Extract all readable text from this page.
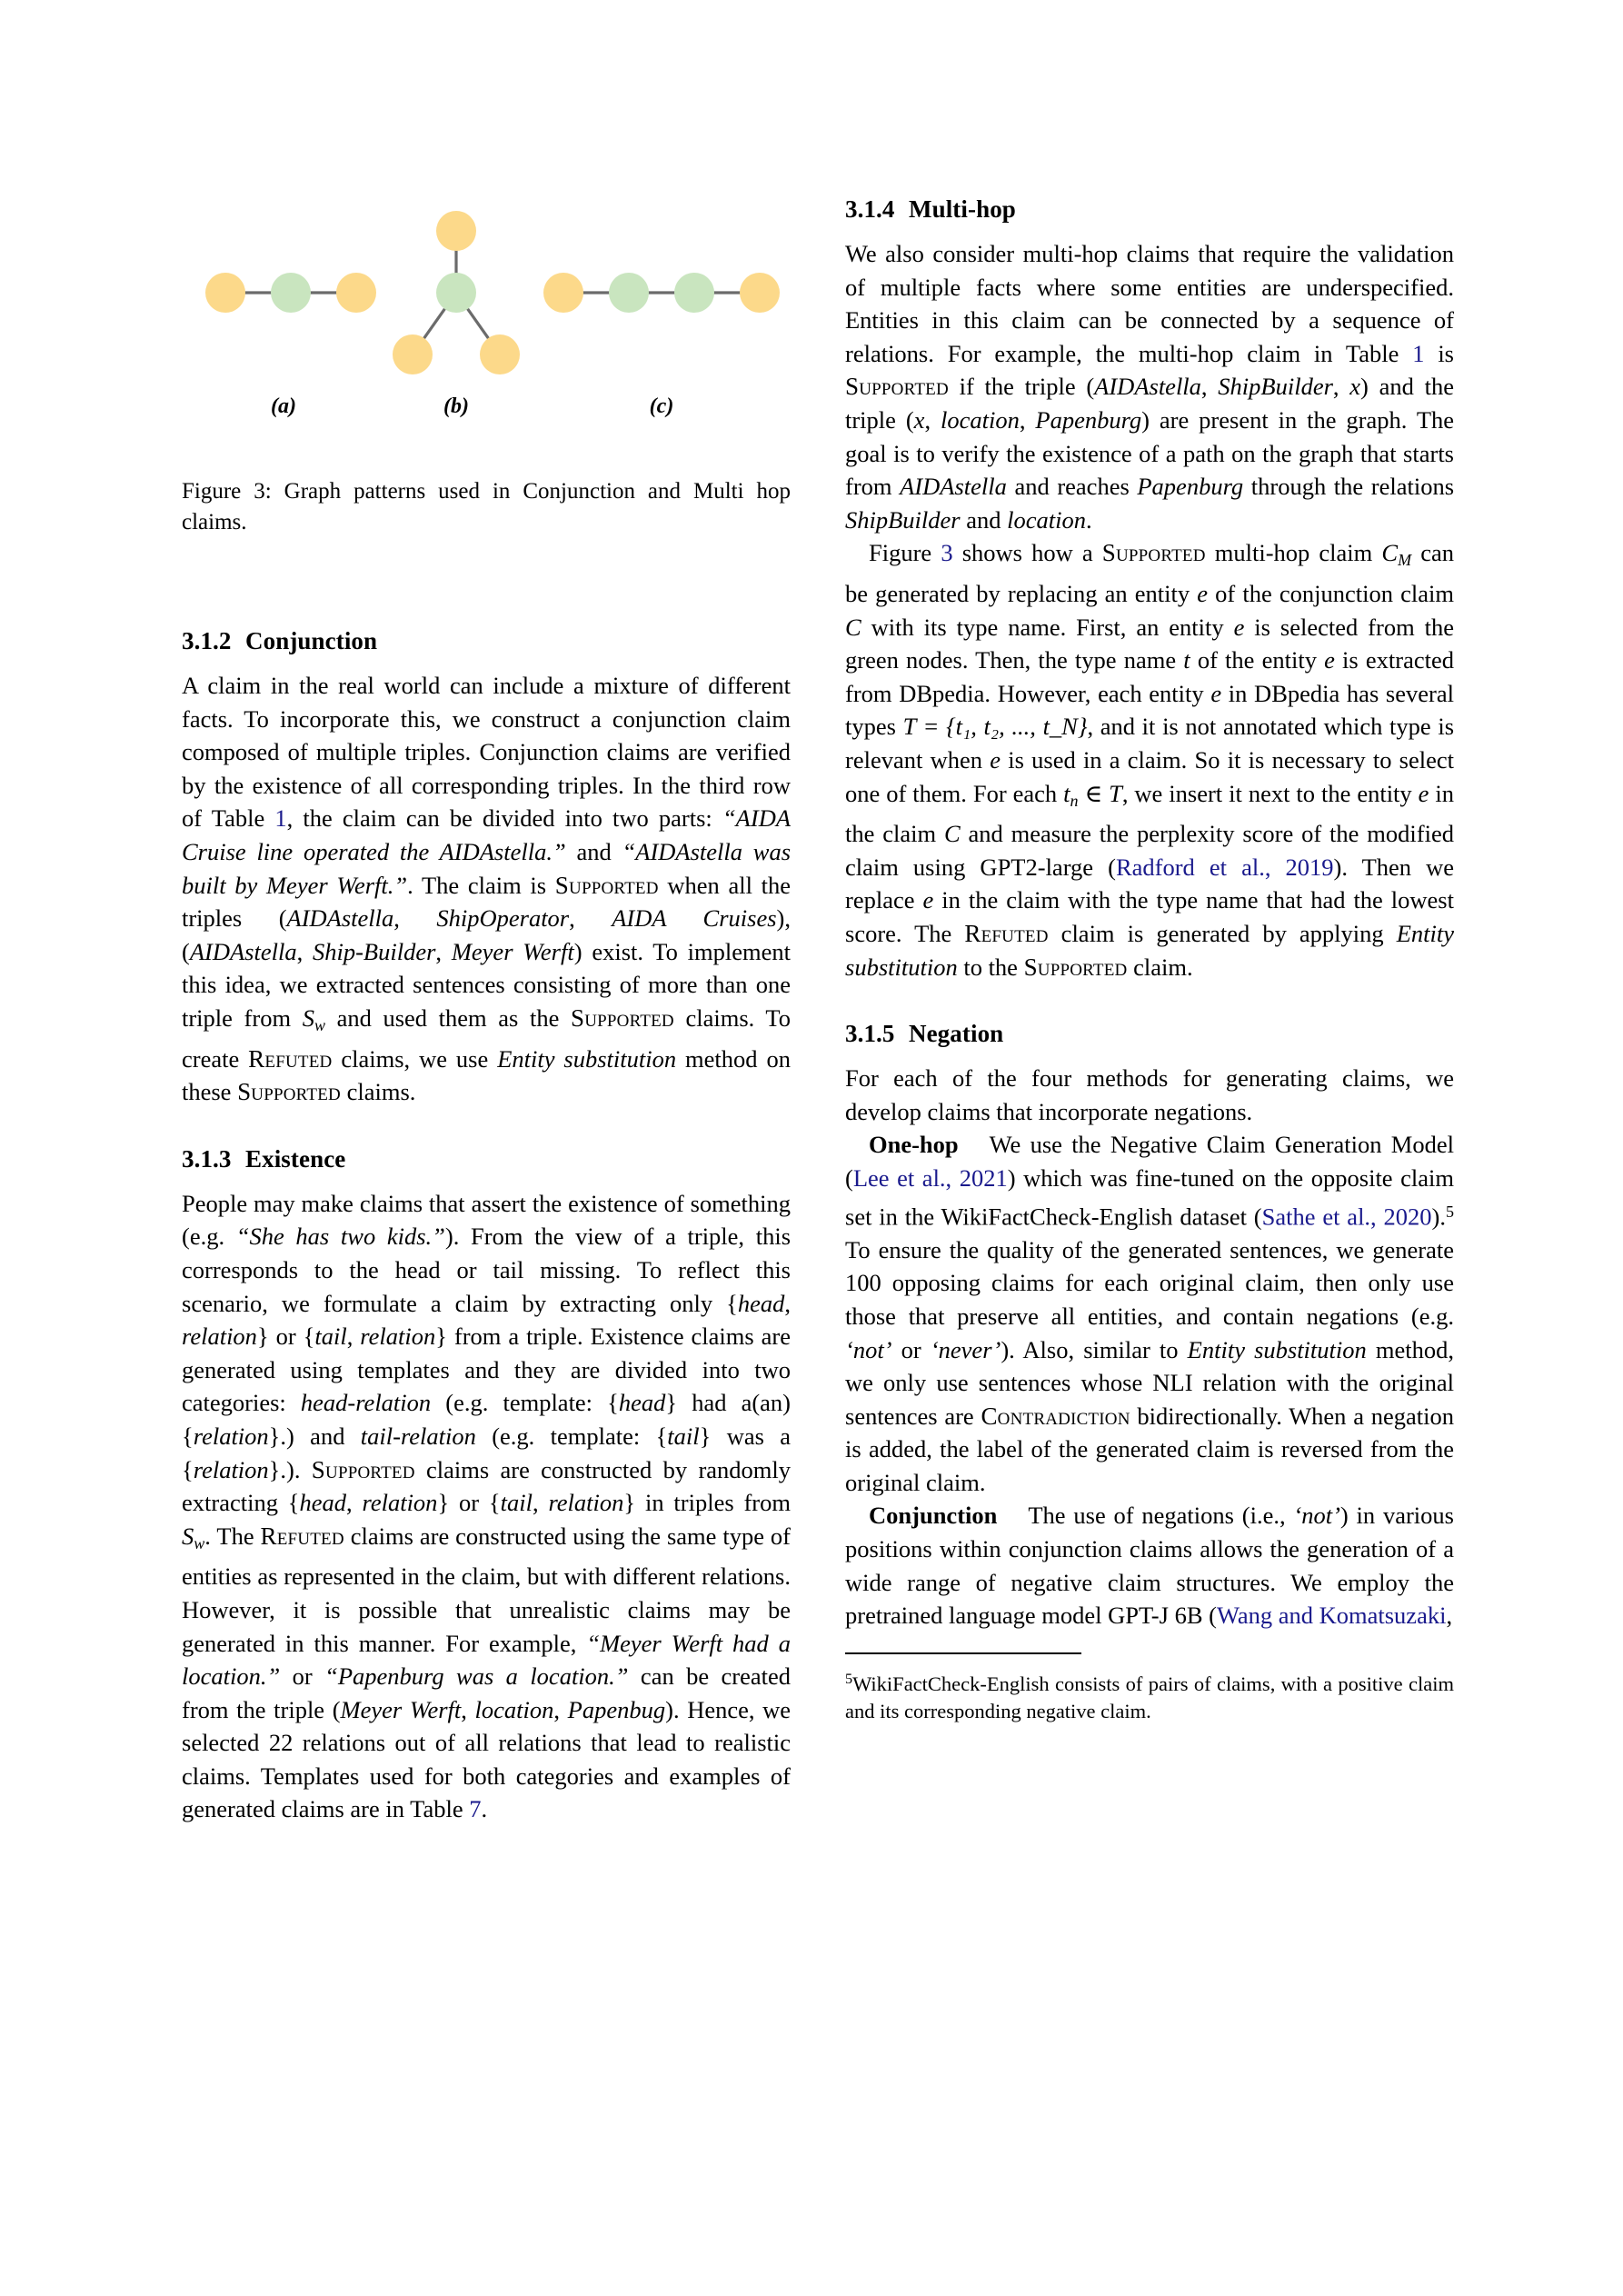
(a)	(b)	(c)
Figure 3: Graph patterns used in Conjunction and Multi hop claims.
3.1.2 Conjunction

A claim in the real world can include a mixture of different facts. To incorporate this, we construct a conjunction claim composed of multiple triples. Conjunction claims are verified by the existence of all corresponding triples. In the third row of Table 1, the claim can be divided into two parts: “AIDA Cruise line operated the AIDAstella.” and “AIDAstella was built by Meyer Werft.”. The claim is Supported when all the triples (AIDAstella, ShipOperator, AIDA Cruises), (AIDAstella, Ship-Builder, Meyer Werft) exist. To implement this idea, we extracted sentences consisting of more than one triple from $S_w$ and used them as the Supported claims. To create Refuted claims, we use Entity substitution method on these Supported claims.

3.1.3 Existence

People may make claims that assert the existence of something (e.g. “She has two kids.”). From the view of a triple, this corresponds to the head or tail missing. To reflect this scenario, we formulate a claim by extracting only {head, relation} or {tail, relation} from a triple. Existence claims are generated using templates and they are divided into two categories: head-relation (e.g. template: {head} had a(an) {relation}.) and tail-relation (e.g. template: {tail} was a {relation}.). Supported claims are constructed by randomly extracting {head, relation} or {tail, relation} in triples from $S_w$. The Refuted claims are constructed using the same type of entities as represented in the claim, but with different relations. However, it is possible that unrealistic claims may be generated in this manner. For example, “Meyer Werft had a location.” or “Papenburg was a location.” can be created from the triple (Meyer Werft, location, Papenbug). Hence, we selected 22 relations out of all relations that lead to realistic claims. Templates used for both categories and examples of generated claims are in Table 7.

3.1.4 Multi-hop

We also consider multi-hop claims that require the validation of multiple facts where some entities are underspecified. Entities in this claim can be connected by a sequence of relations. For example, the multi-hop claim in Table 1 is Supported if the triple (AIDAstella, ShipBuilder, x) and the triple (x, location, Papenburg) are present in the graph. The goal is to verify the existence of a path on the graph that starts from AIDAstella and reaches Papenburg through the relations ShipBuilder and location.

Figure 3 shows how a Supported multi-hop claim $C_M$ can be generated by replacing an entity e of the conjunction claim C with its type name. First, an entity e is selected from the green nodes. Then, the type name t of the entity e is extracted from DBpedia. However, each entity e in DBpedia has several types T = {t₁, t₂, ..., t_N}, and it is not annotated which type is relevant when e is used in a claim. So it is necessary to select one of them. For each $t_n$ ∈ T, we insert it next to the entity e in the claim C and measure the perplexity score of the modified claim using GPT2-large (Radford et al., 2019). Then we replace e in the claim with the type name that had the lowest score. The Refuted claim is generated by applying Entity substitution to the Supported claim.

3.1.5 Negation

For each of the four methods for generating claims, we develop claims that incorporate negations.

One-hop We use the Negative Claim Generation Model (Lee et al., 2021) which was fine-tuned on the opposite claim set in the WikiFactCheck-English dataset (Sathe et al., 2020).$^5$ To ensure the quality of the generated sentences, we generate 100 opposing claims for each original claim, then only use those that preserve all entities, and contain negations (e.g. ‘not’ or ‘never’). Also, similar to Entity substitution method, we only use sentences whose NLI relation with the original sentences are Contradiction bidirectionally. When a negation is added, the label of the generated claim is reversed from the original claim.

Conjunction The use of negations (i.e., ‘not’) in various positions within conjunction claims allows the generation of a wide range of negative claim structures. We employ the pretrained language model GPT-J 6B (Wang and Komatsuzaki,

$^5$WikiFactCheck-English consists of pairs of claims, with a positive claim and its corresponding negative claim.
